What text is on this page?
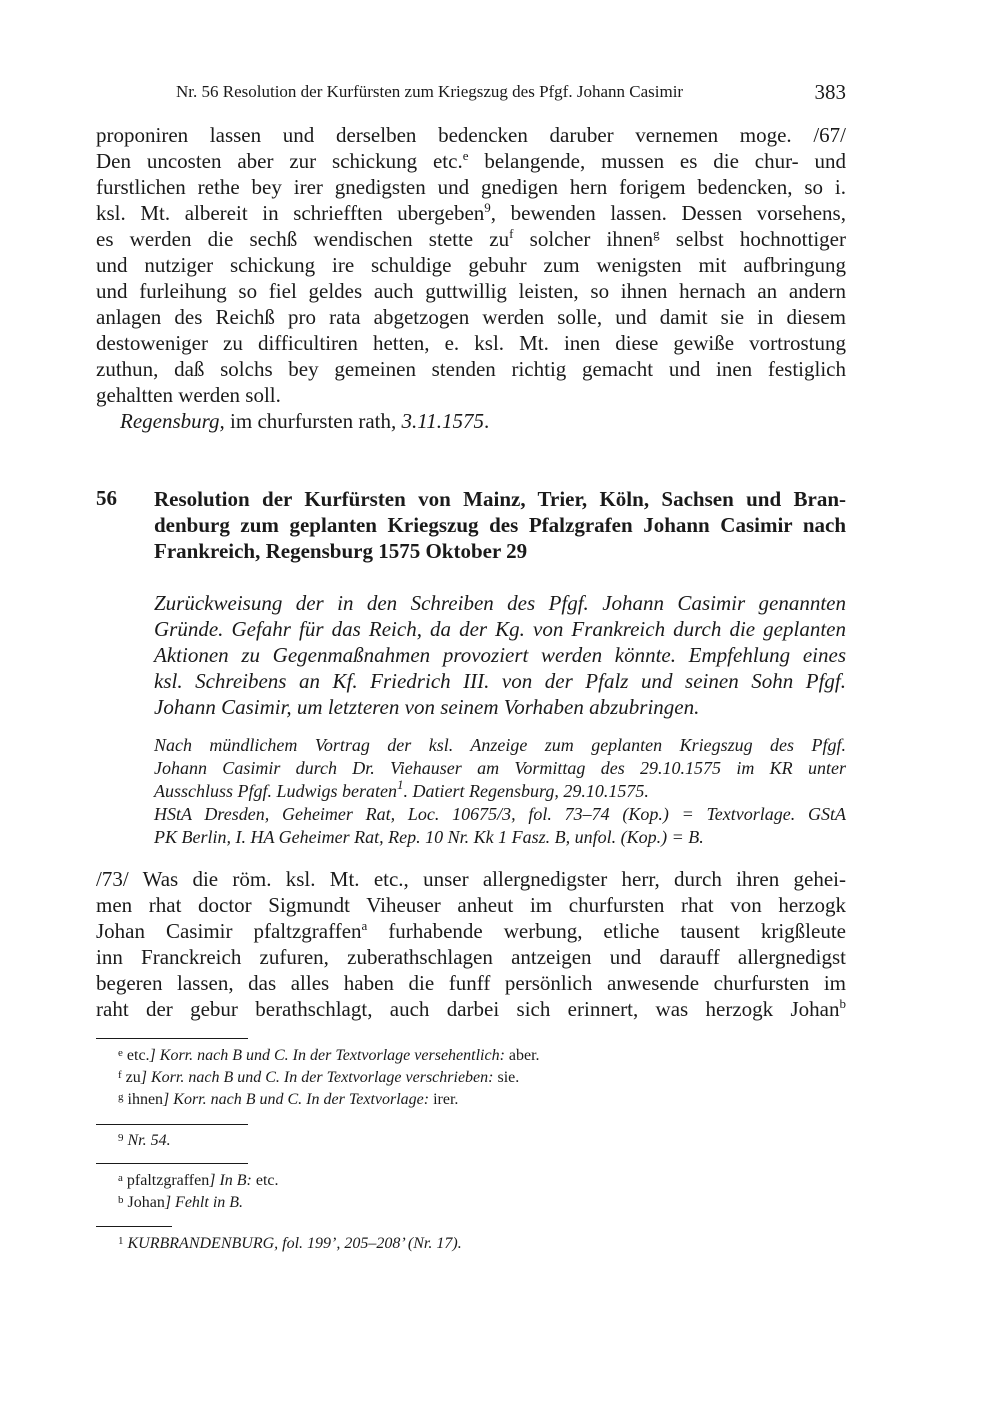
Nr. 56 Resolution der Kurfürsten zum Kriegszug des Pfgf. Johann Casimir	383
proponiren lassen und derselben bedencken daruber vernemen moge. /67/
Den uncosten aber zur schickung etc.$^e$ belangende, mussen es die chur- und
furstlichen rethe bey irer gnedigsten und gnedigen hern forigem bedencken, so i.
ksl. Mt. albereit in schriefften ubergeben$^9$, bewenden lassen. Dessen vorsehens,
es werden die sechß wendischen stette $zu^f$ solcher ihnen$^g$ selbst hochnottiger
und nutziger schickung ire schuldige gebuhr zum wenigsten mit aufbringung
und furleihung so fiel geldes auch guttwillig leisten, so ihnen hernach an andern
anlagen des Reichß pro rata abgetzogen werden solle, und damit sie in diesem
destoweniger zu difficultiren hetten, e. ksl. Mt. inen diese gewiße vortrostung
zuthun, daß solchs bey gemeinen stenden richtig gemacht und inen festiglich
gehaltten werden soll.
Regensburg, im churfursten rath, 3.11.1575.
56 Resolution der Kurfürsten von Mainz, Trier, Köln, Sachsen und Bran-
denburg zum geplanten Kriegszug des Pfalzgrafen Johann Casimir nach
Frankreich, Regensburg 1575 Oktober 29
Zurückweisung der in den Schreiben des Pfgf. Johann Casimir genannten
Gründe. Gefahr für das Reich, da der Kg. von Frankreich durch die geplanten
Aktionen zu Gegenmaßnahmen provoziert werden könnte. Empfehlung eines
ksl. Schreibens an Kf. Friedrich III. von der Pfalz und seinen Sohn Pfgf.
Johann Casimir, um letzteren von seinem Vorhaben abzubringen.
Nach mündlichem Vortrag der ksl. Anzeige zum geplanten Kriegszug des Pfgf.
Johann Casimir durch Dr. Viehauser am Vormittag des 29.10.1575 im KR unter
Ausschluss Pfgf. Ludwigs beraten$^1$. Datiert Regensburg, 29.10.1575.
HStA Dresden, Geheimer Rat, Loc. 10675/3, fol. 73–74 (Kop.) = Textvorlage. GStA
PK Berlin, I. HA Geheimer Rat, Rep. 10 Nr. Kk 1 Fasz. B, unfol. (Kop.) = B.
/73/ Was die röm. ksl. Mt. etc., unser allergnedigster herr, durch ihren gehei-
men rhat doctor Sigmundt Viheuser anheut im churfursten rhat von herzogk
Johan Casimir pfaltzgraffen$^a$ furhabende werbung, etliche tausent krigßleute
inn Franckreich zufuren, zuberathschlagen antzeigen und darauff allergnedigst
begeren lassen, das alles haben die funff persönlich anwesende churfursten im
raht der gebur berathschlagt, auch darbei sich erinnert, was herzogk Johan$^b$
$^e$ etc.] Korr. nach B und C. In der Textvorlage versehentlich: aber.
$^f$ zu] Korr. nach B und C. In der Textvorlage verschrieben: sie.
$^g$ ihnen] Korr. nach B und C. In der Textvorlage: irer.
$^9$ Nr. 54.
$^a$ pfaltzgraffen] In B: etc.
$^b$ Johan] Fehlt in B.
$^1$ KURBRANDENBURG, fol. 199’, 205–208’ (Nr. 17).
